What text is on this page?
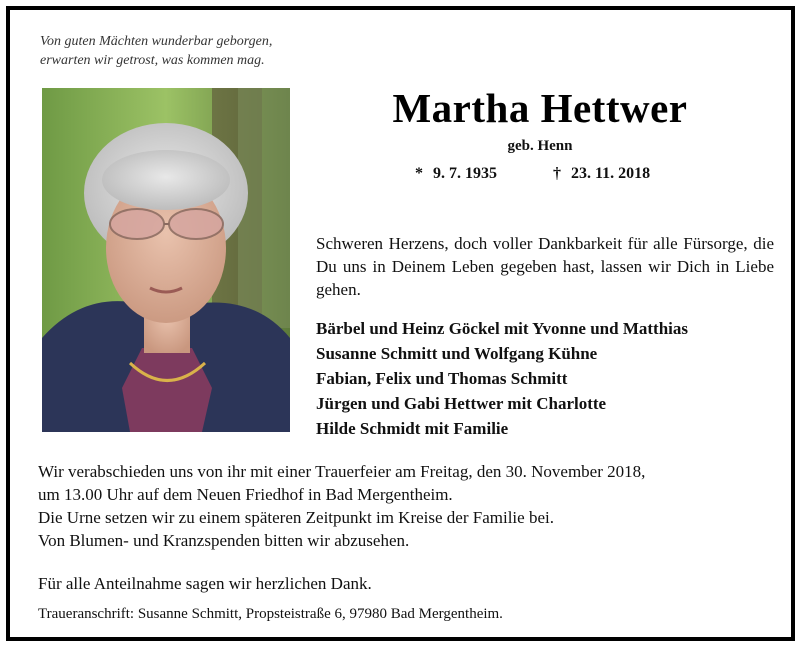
Von guten Mächten wunderbar geborgen,
erwarten wir getrost, was kommen mag.
Martha Hettwer
geb. Henn
* 9. 7. 1935	† 23. 11. 2018
Schweren Herzens, doch voller Dankbarkeit für alle Fürsorge, die Du uns in Deinem Leben gegeben hast, lassen wir Dich in Liebe gehen.
Bärbel und Heinz Göckel mit Yvonne und Matthias
Susanne Schmitt und Wolfgang Kühne
Fabian, Felix und Thomas Schmitt
Jürgen und Gabi Hettwer mit Charlotte
Hilde Schmidt mit Familie
Wir verabschieden uns von ihr mit einer Trauerfeier am Freitag, den 30. November 2018,
um 13.00 Uhr auf dem Neuen Friedhof in Bad Mergentheim.
Die Urne setzen wir zu einem späteren Zeitpunkt im Kreise der Familie bei.
Von Blumen- und Kranzspenden bitten wir abzusehen.
Für alle Anteilnahme sagen wir herzlichen Dank.
Traueranschrift: Susanne Schmitt, Propsteistraße 6, 97980 Bad Mergentheim.
